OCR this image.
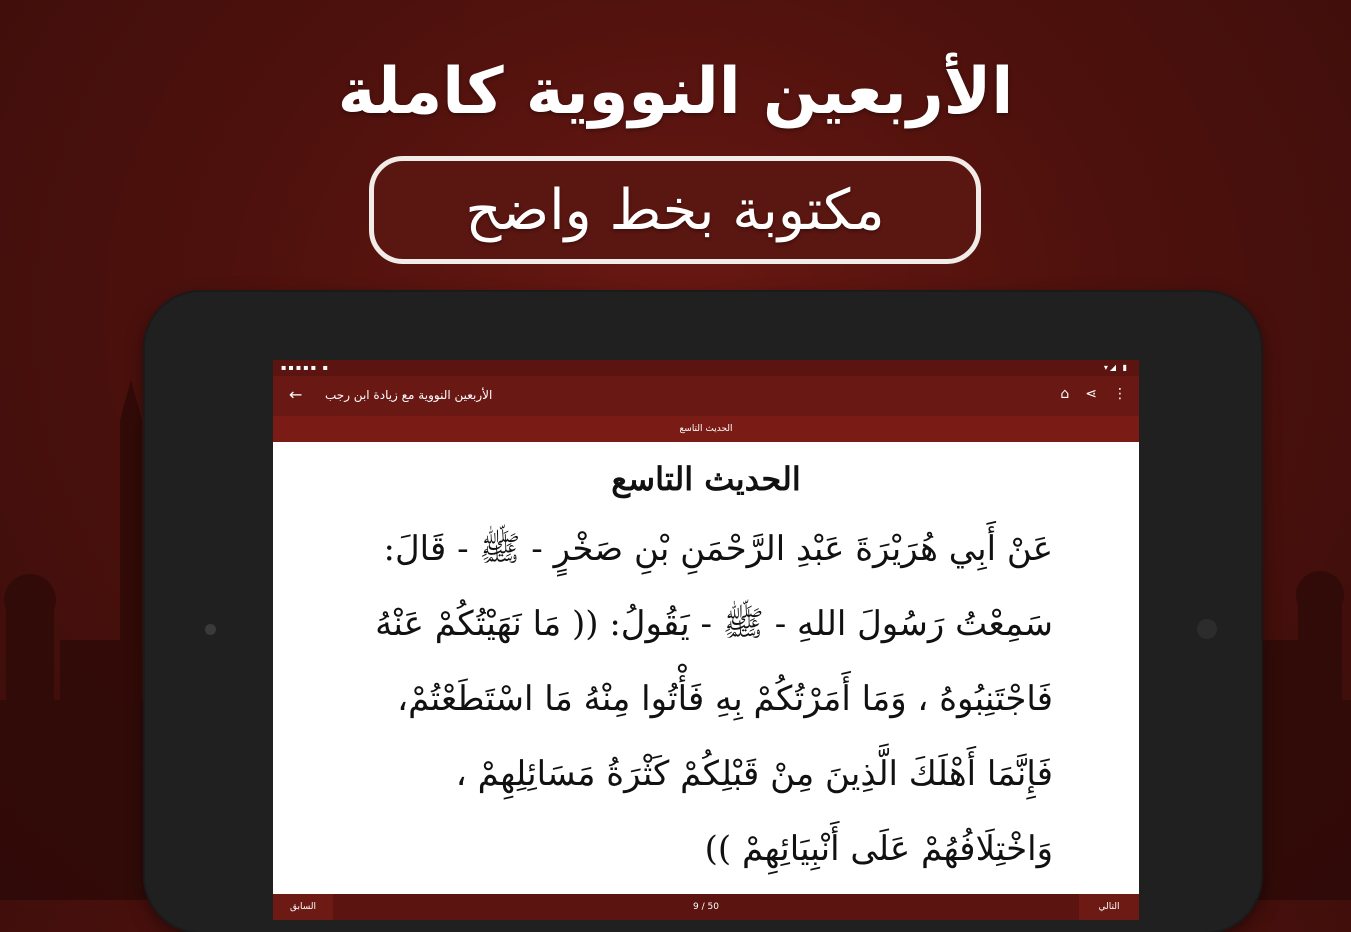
الأربعين النووية كاملة
مكتوبة بخط واضح
▪▪▪▪▪ ▪	▾◢ ▮
← الأربعين النووية مع زيادة ابن رجب	⌂ ⋖ ⋮
الحديث التاسع
الحديث التاسع
عَنْ أَبِي هُرَيْرَةَ عَبْدِ الرَّحْمَنِ بْنِ صَخْرٍ - ﷺ - قَالَ:
سَمِعْتُ رَسُولَ اللهِ - ﷺ - يَقُولُ: (( مَا نَهَيْتُكُمْ عَنْهُ
فَاجْتَنِبُوهُ ، وَمَا أَمَرْتُكُمْ بِهِ فَأْتُوا مِنْهُ مَا اسْتَطَعْتُمْ،
فَإِنَّمَا أَهْلَكَ الَّذِينَ مِنْ قَبْلِكُمْ كَثْرَةُ مَسَائِلِهِمْ ،
وَاخْتِلَافُهُمْ عَلَى أَنْبِيَائِهِمْ ))
9 / 50
السابق	التالي
